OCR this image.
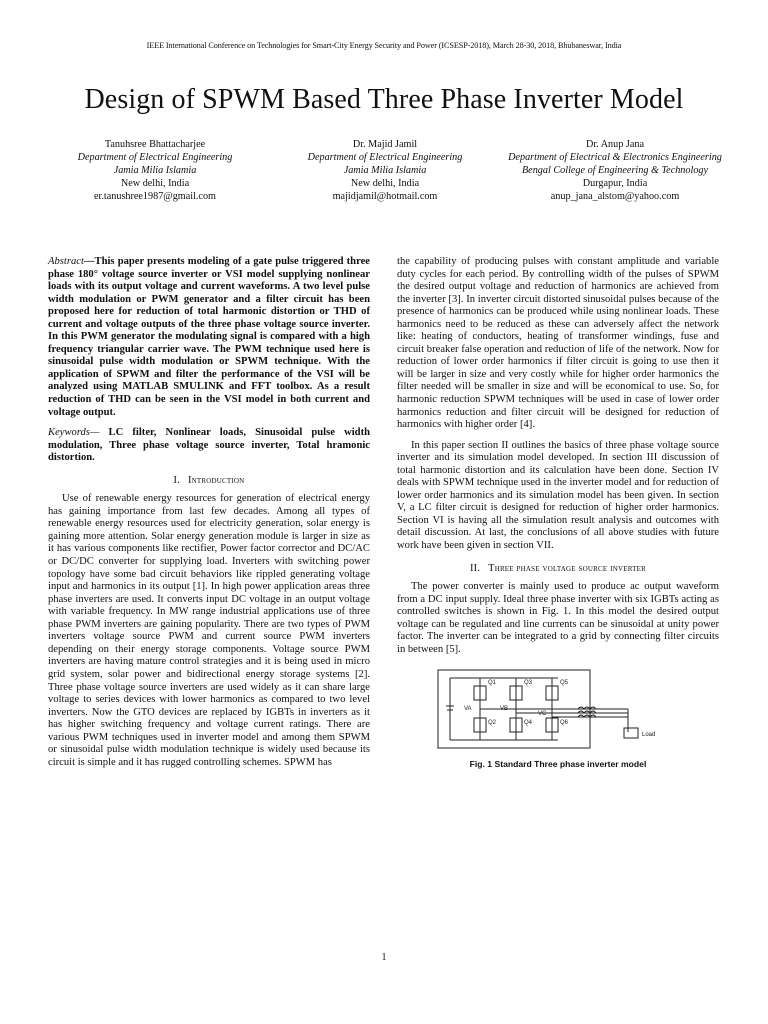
IEEE International Conference on Technologies for Smart-City Energy Security and Power (ICSESP-2018), March 28-30, 2018, Bhubaneswar, India
Design of SPWM Based Three Phase Inverter Model
Tanuhsree Bhattacharjee
Department of Electrical Engineering
Jamia Milia Islamia
New delhi, India
er.tanushree1987@gmail.com
Dr. Majid Jamil
Department of Electrical Engineering
Jamia Milia Islamia
New delhi, India
majidjamil@hotmail.com
Dr. Anup Jana
Department of Electrical & Electronics Engineering
Bengal College of Engineering & Technology
Durgapur, India
anup_jana_alstom@yahoo.com

Abstract—This paper presents modeling of a gate pulse triggered three phase 180° voltage source inverter or VSI model supplying nonlinear loads with its output voltage and current waveforms. A two level pulse width modulation or PWM generator and a filter circuit has been proposed here for reduction of total harmonic distortion or THD of current and voltage outputs of the three phase voltage source inverter. In this PWM generator the modulating signal is compared with a high frequency triangular carrier wave. The PWM technique used here is sinusoidal pulse width modulation or SPWM technique. With the application of SPWM and filter the performance of the VSI will be analyzed using MATLAB SMULINK and FFT toolbox. As a result reduction of THD can be seen in the VSI model in both current and voltage output.

Keywords— LC filter, Nonlinear loads, Sinusoidal pulse width modulation, Three phase voltage source inverter, Total hramonic distortion.

I. Introduction

Use of renewable energy resources for generation of electrical energy has gaining importance from last few decades. Among all types of renewable energy resources used for electricity generation, solar energy is gaining more attention. Solar energy generation module is larger in size as it has various components like rectifier, Power factor corrector and DC/AC or DC/DC converter for supplying load. Inverters with switching power topology have some bad circuit behaviors like rippled generating voltage input and harmonics in its output [1]. In high power application areas three phase inverters are used. It converts input DC voltage in an output voltage with variable frequency. In MW range industrial applications use of three phase PWM inverters are gaining popularity. There are two types of PWM inverters voltage source PWM and current source PWM inverters depending on their energy storage components. Voltage source PWM inverters are having mature control strategies and it is being used in micro grid system, solar power and bidirectional energy storage systems [2]. Three phase voltage source inverters are used widely as it can share large voltage to series devices with lower harmonics as compared to two level inverters. Now the GTO devices are replaced by IGBTs in inverters as it has higher switching frequency and voltage current ratings. There are various PWM techniques used in inverter model and among them SPWM or sinusoidal pulse width modulation technique is widely used because its circuit is simple and it has rugged controlling schemes. SPWM has

the capability of producing pulses with constant amplitude and variable duty cycles for each period. By controlling width of the pulses of SPWM the desired output voltage and reduction of harmonics are achieved from the inverter [3]. In inverter circuit distorted sinusoidal pulses because of the presence of harmonics can be produced while using nonlinear loads. These harmonics need to be reduced as these can adversely affect the network like: heating of conductors, heating of transformer windings, fuse and circuit breaker false operation and reduction of life of the network. Now for reduction of lower order harmonics if filter circuit is going to use then it will be larger in size and very costly while for higher order harmonics the filter needed will be smaller in size and will be economical to use. So, for harmonic reduction SPWM techniques will be used in case of lower order harmonics reduction and filter circuit will be designed for reduction of harmonics with higher order [4].

In this paper section II outlines the basics of three phase voltage source inverter and its simulation model developed. In section III discussion of total harmonic distortion and its calculation have been done. Section IV deals with SPWM technique used in the inverter model and for reduction of lower order harmonics and its simulation model has been given. In section V, a LC filter circuit is designed for reduction of higher order harmonics. Section VI is having all the simulation result analysis and outcomes with detail discussion. At last, the conclusions of all above studies with future work have been given in section VII.

II. Three phase voltage source inverter

The power converter is mainly used to produce ac output waveform from a DC input supply. Ideal three phase inverter with six IGBTs acting as controlled switches is shown in Fig. 1. In this model the desired output voltage can be regulated and line currents can be sinusoidal at unity power factor. The inverter can be integrated to a grid by connecting filter circuits in between [5].

Q1	Q3	Q5
Q2	Q4	Q6
VA	VB
VC
Load
Fig. 1 Standard Three phase inverter model
1
